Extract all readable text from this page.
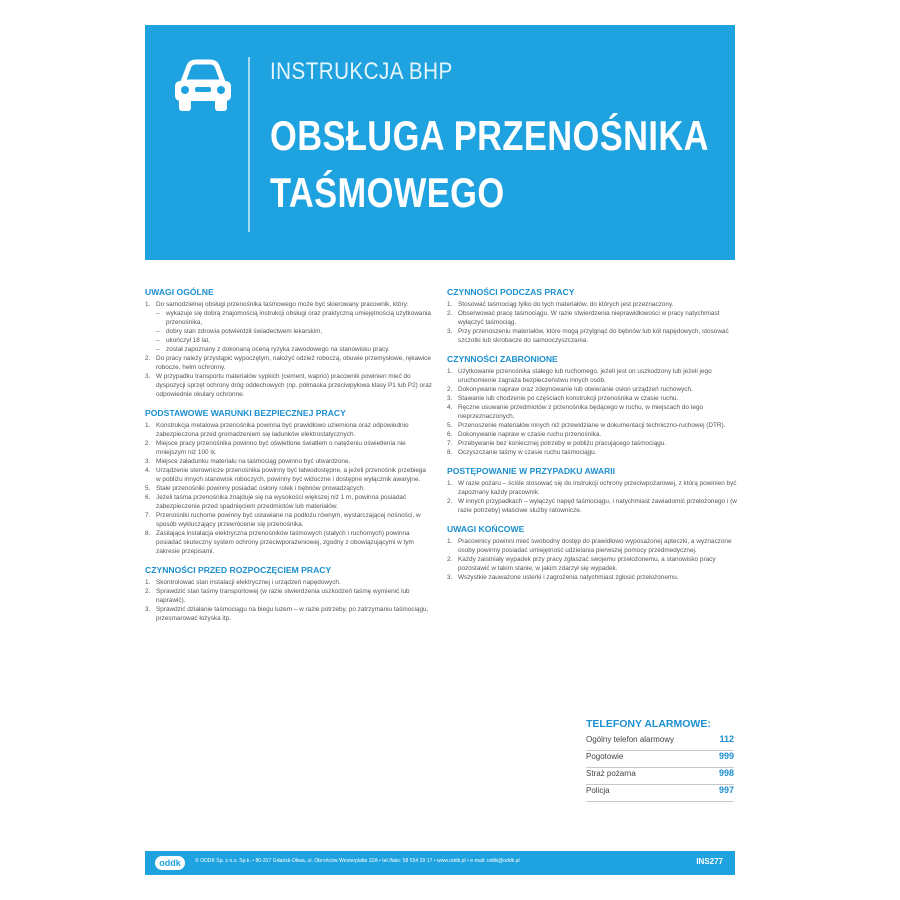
INSTRUKCJA BHP
OBSŁUGA PRZENOŚNIKA TAŚMOWEGO
UWAGI OGÓLNE
1. Do samodzielnej obsługi przenośnika taśmowego może być skierowany pracownik, który:
– wykazuje się dobrą znajomością instrukcji obsługi oraz praktyczną umiejętnością użytkowania przenośnika,
– dobry stan zdrowia potwierdził świadectwem lekarskim,
– ukończył 18 lat,
– został zapoznany z dokonaną oceną ryzyka zawodowego na stanowisku pracy.
2. Do pracy należy przystąpić wypoczętym, nałożyć odzież roboczą, obuwie przemysłowe, rękawice robocze, hełm ochronny.
3. W przypadku transportu materiałów sypkich (cement, wapno) pracownik powinien mieć do dyspozycji sprzęt ochrony dróg oddechowych (np. półmaska przeciwpyłowa klasy P1 lub P2) oraz odpowiednie okulary ochronne.
PODSTAWOWE WARUNKI BEZPIECZNEJ PRACY
1. Konstrukcja metalowa przenośnika powinna być prawidłowo uziemiona oraz odpowiednio zabezpieczona przed gromadzeniem się ładunków elektrostatycznych.
2. Miejsce pracy przenośnika powinno być oświetlone światłem o natężeniu oświetlenia nie mniejszym niż 100 lx.
3. Miejsce załadunku materiału na taśmociąg powinno być utwardzone.
4. Urządzenie sterownicze przenośnika powinny być łatwodostępne, a jeżeli przenośnik przebiega w pobliżu innych stanowisk roboczych, powinny być widoczne i dostępne wyłącznik awaryjne.
5. Stałe przenośniki powinny posiadać osłony rolek i bębnów prowadzących.
6. Jeżeli taśma przenośnika znajduje się na wysokości większej niż 1 m, powinna posiadać zabezpieczenie przed spadnięciem przedmiotów lub materiałów.
7. Przenośniki ruchome powinny być ustawiane na podłożu równym, wystarczającej nośności, w sposób wykluczający przewrócenie się przenośnika.
8. Zasilająca instalacja elektryczna przenośników taśmowych (stałych i ruchomych) powinna posiadać skuteczny system ochrony przeciwporażeniowej, zgodny z obowiązującymi w tym zakresie przepisami.
CZYNNOŚCI PRZED ROZPOCZĘCIEM PRACY
1. Skontrolować stan instalacji elektrycznej i urządzeń napędowych.
2. Sprawdzić stan taśmy transportowej (w razie stwierdzenia uszkodzeń taśmę wymienić lub naprawić).
3. Sprawdzić działanie taśmociągu na biegu luzem – w razie potrzeby, po zatrzymaniu taśmociągu, przesmarować łożyska itp.
CZYNNOŚCI PODCZAS PRACY
1. Stosować taśmociąg tylko do tych materiałów, do których jest przeznaczony.
2. Obserwować pracę taśmociągu. W razie stwierdzenia nieprawidłowości w pracy natychmiast wyłączyć taśmociąg.
3. Przy przenoszeniu materiałów, które mogą przylgnąć do bębnów lub kół napędowych, stosować szczotki lub skrobacze do samooczyszczania.
CZYNNOŚCI ZABRONIONE
1. Użytkowanie przenośnika stałego lub ruchomego, jeżeli jest on uszkodzony lub jeżeli jego uruchomienie zagraża bezpieczeństwu innych osób.
2. Dokonywanie napraw oraz zdejmowanie lub otwieranie osłon urządzeń ruchowych.
3. Stawanie lub chodzenie po częściach konstrukcji przenośnika w czasie ruchu.
4. Ręczne usuwanie przedmiotów z przenośnika będącego w ruchu, w miejscach do tego nieprzeznaczonych.
5. Przenoszenie materiałów innych niż przewidziane w dokumentacji techniczno-ruchowej (DTR).
6. Dokonywanie napraw w czasie ruchu przenośnika.
7. Przebywanie bez koniecznej potrzeby w pobliżu pracującego taśmociągu.
8. Oczyszczanie taśmy w czasie ruchu taśmociągu.
POSTĘPOWANIE W PRZYPADKU AWARII
1. W razie pożaru – ściśle stosować się do instrukcji ochrony przeciwpożarowej, z którą powinien być zapoznany każdy pracownik.
2. W innych przypadkach – wyłączyć napęd taśmociągu, i natychmiast zawiadomić przełożonego i (w razie potrzeby) właściwe służby ratownicze.
UWAGI KOŃCOWE
1. Pracownicy powinni mieć swobodny dostęp do prawidłowo wyposażonej apteczki, a wyznaczone osoby powinny posiadać umiejętność udzielania pierwszej pomocy przedmedycznej.
2. Każdy zaistniały wypadek przy pracy zgłaszać swojemu przełożonemu, a stanowisko pracy pozostawić w takim stanie, w jakim zdarzył się wypadek.
3. Wszystkie zauważone usterki i zagrożenia natychmiast zgłosić przełożonemu.
TELEFONY ALARMOWE:
Ogólny telefon alarmowy	112
Pogotowie	999
Straż pożarna	998
Policja	997
oddk	© ODDK Sp. z o.o. Sp.k. • 80-317 Gdańsk-Oliwa, ul. Obrońców Westerplatte 32A • tel./faks: 58 554 29 17 • www.oddk.pl • e-mail: oddk@oddk.pl	INS277
